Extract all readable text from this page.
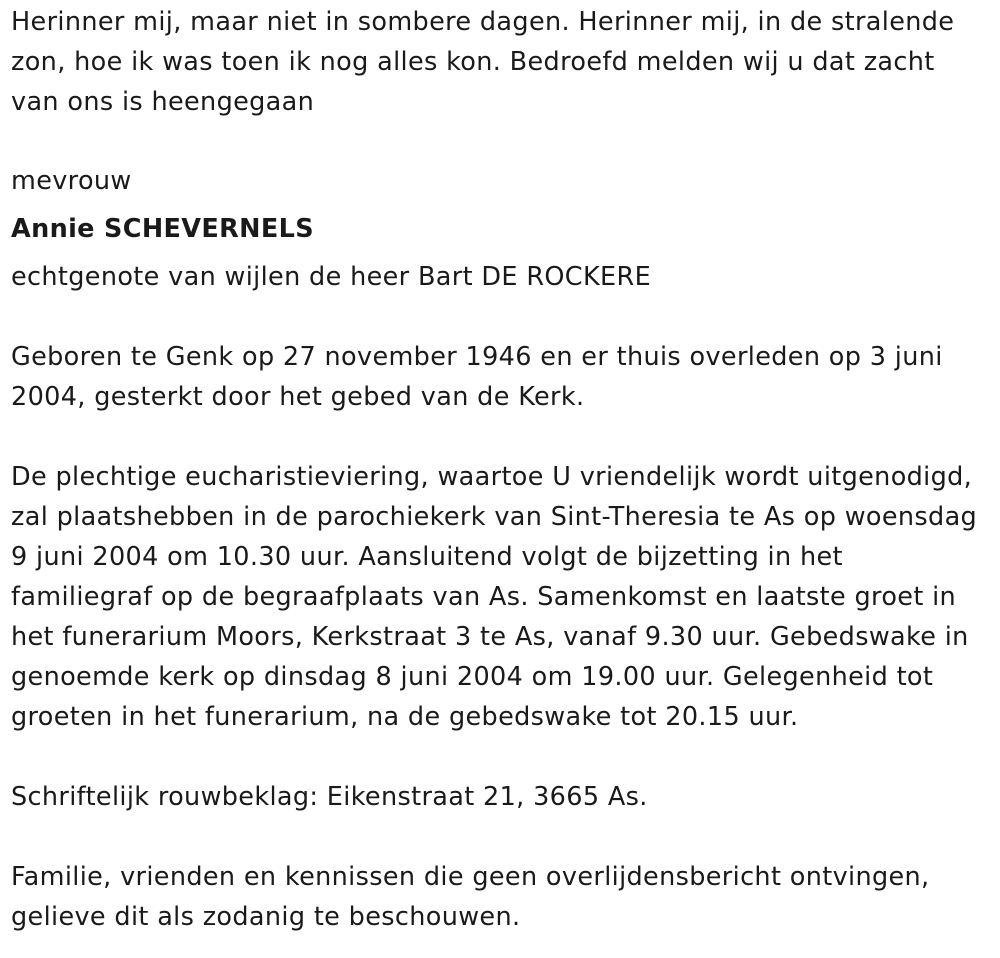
Herinner mij, maar niet in sombere dagen. Herinner mij, in de stralende zon, hoe ik was toen ik nog alles kon. Bedroefd melden wij u dat zacht van ons is heengegaan

mevrouw

Annie SCHEVERNELS

echtgenote van wijlen de heer Bart DE ROCKERE

Geboren te Genk op 27 november 1946 en er thuis overleden op 3 juni 2004, gesterkt door het gebed van de Kerk.

De plechtige eucharistieviering, waartoe U vriendelijk wordt uitgenodigd, zal plaatshebben in de parochiekerk van Sint-Theresia te As op woensdag 9 juni 2004 om 10.30 uur. Aansluitend volgt de bijzetting in het familiegraf op de begraafplaats van As. Samenkomst en laatste groet in het funerarium Moors, Kerkstraat 3 te As, vanaf 9.30 uur. Gebedswake in genoemde kerk op dinsdag 8 juni 2004 om 19.00 uur. Gelegenheid tot groeten in het funerarium, na de gebedswake tot 20.15 uur.

Schriftelijk rouwbeklag: Eikenstraat 21, 3665 As.

Familie, vrienden en kennissen die geen overlijdensbericht ontvingen, gelieve dit als zodanig te beschouwen.
